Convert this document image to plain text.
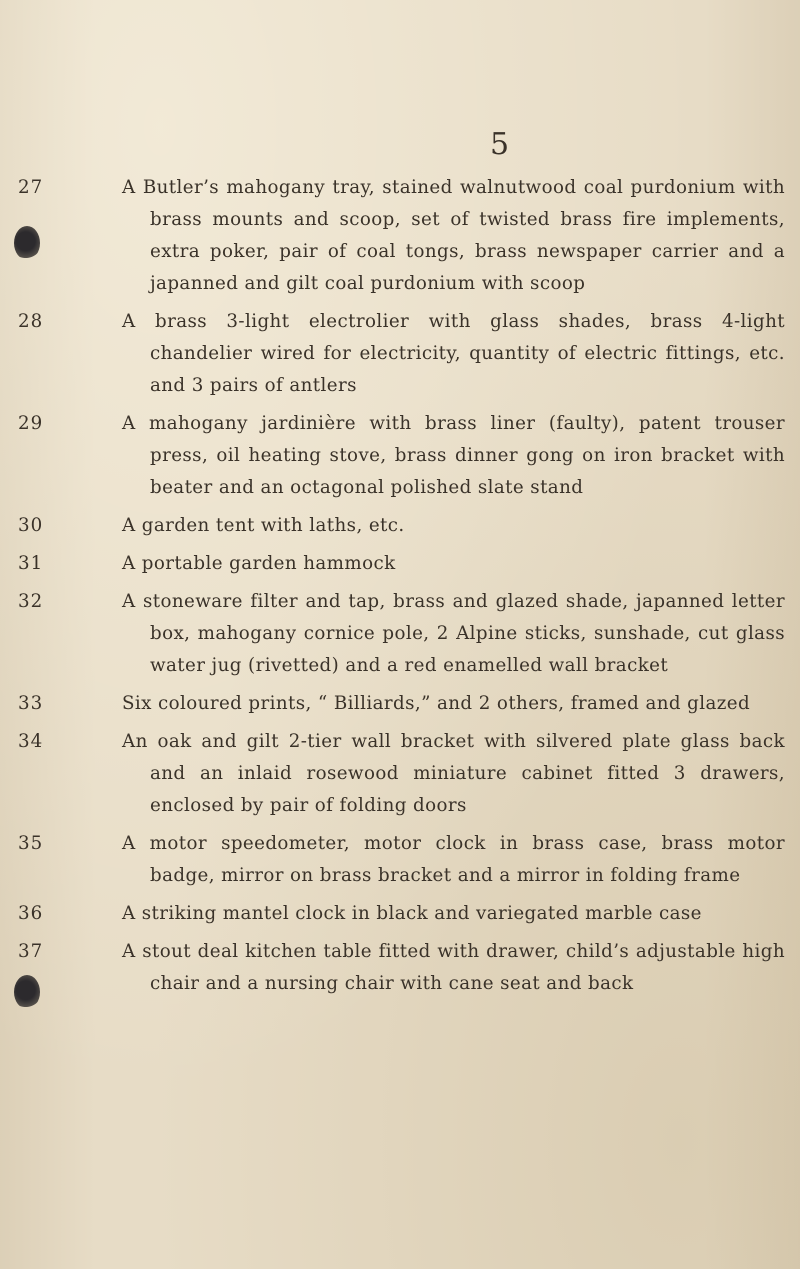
5
27	A Butler’s mahogany tray, stained walnutwood coal purdonium with brass mounts and scoop, set of twisted brass fire implements, extra poker, pair of coal tongs, brass newspaper carrier and a japanned and gilt coal purdonium with scoop
28	A brass 3-light electrolier with glass shades, brass 4-light chandelier wired for electricity, quantity of electric fittings, etc. and 3 pairs of antlers
29	A mahogany jardinière with brass liner (faulty), patent trouser press, oil heating stove, brass dinner gong on iron bracket with beater and an octagonal polished slate stand
30	A garden tent with laths, etc.
31	A portable garden hammock
32	A stoneware filter and tap, brass and glazed shade, japanned letter box, mahogany cornice pole, 2 Alpine sticks, sunshade, cut glass water jug (rivetted) and a red enamelled wall bracket
33	Six coloured prints, “ Billiards,” and 2 others, framed and glazed
34	An oak and gilt 2-tier wall bracket with silvered plate glass back and an inlaid rosewood miniature cabinet fitted 3 drawers, enclosed by pair of folding doors
35	A motor speedometer, motor clock in brass case, brass motor badge, mirror on brass bracket and a mirror in folding frame
36	A striking mantel clock in black and variegated marble case
37	A stout deal kitchen table fitted with drawer, child’s adjustable high chair and a nursing chair with cane seat and back
